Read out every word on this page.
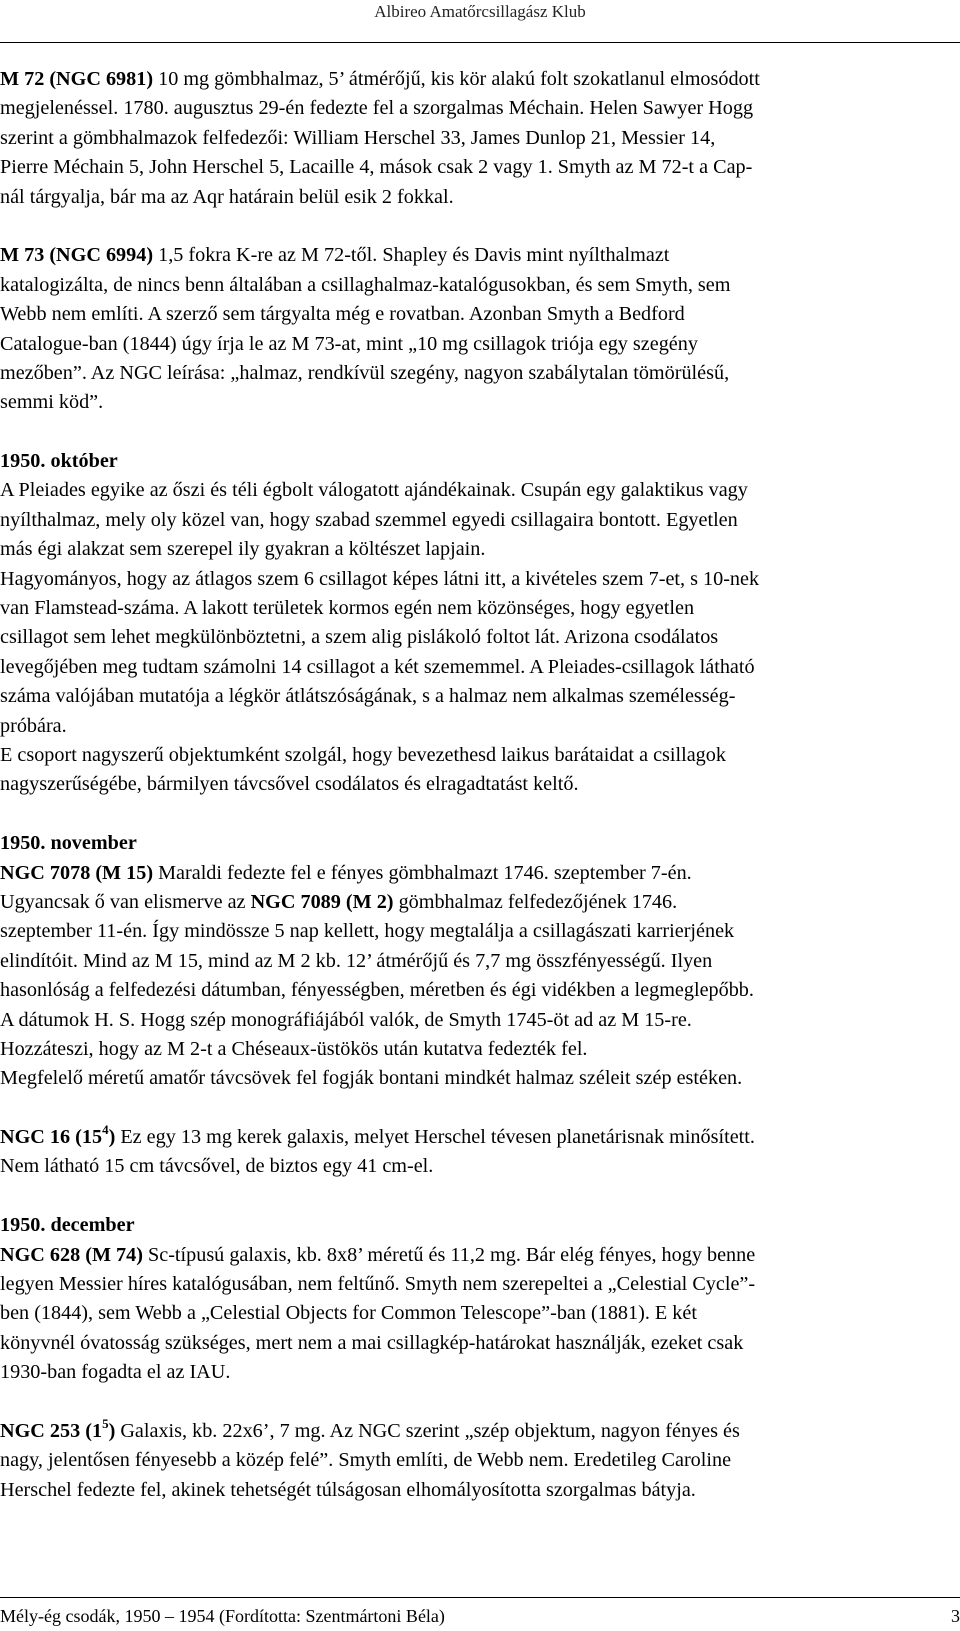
Albireo Amatőrcsillagász Klub
M 72 (NGC 6981) 10 mg gömbhalmaz, 5’ átmérőjű, kis kör alakú folt szokatlanul elmosódott
megjelenéssel. 1780. augusztus 29-én fedezte fel a szorgalmas Méchain. Helen Sawyer Hogg
szerint a gömbhalmazok felfedezői: William Herschel 33, James Dunlop 21, Messier 14,
Pierre Méchain 5, John Herschel 5, Lacaille 4, mások csak 2 vagy 1. Smyth az M 72-t a Cap-
nál tárgyalja, bár ma az Aqr határain belül esik 2 fokkal.
M 73 (NGC 6994) 1,5 fokra K-re az M 72-től. Shapley és Davis mint nyílthalmazt
katalogizálta, de nincs benn általában a csillaghalmaz-katalógusokban, és sem Smyth, sem
Webb nem említi. A szerző sem tárgyalta még e rovatban. Azonban Smyth a Bedford
Catalogue-ban (1844) úgy írja le az M 73-at, mint „10 mg csillagok triója egy szegény
mezőben”. Az NGC leírása: „halmaz, rendkívül szegény, nagyon szabálytalan tömörülésű,
semmi köd”.
1950. október
A Pleiades egyike az őszi és téli égbolt válogatott ajándékainak. Csupán egy galaktikus vagy
nyílthalmaz, mely oly közel van, hogy szabad szemmel egyedi csillagaira bontott. Egyetlen
más égi alakzat sem szerepel ily gyakran a költészet lapjain.
Hagyományos, hogy az átlagos szem 6 csillagot képes látni itt, a kivételes szem 7-et, s 10-nek
van Flamstead-száma. A lakott területek kormos egén nem közönséges, hogy egyetlen
csillagot sem lehet megkülönböztetni, a szem alig pislákoló foltot lát. Arizona csodálatos
levegőjében meg tudtam számolni 14 csillagot a két szememmel. A Pleiades-csillagok látható
száma valójában mutatója a légkör átlátszóságának, s a halmaz nem alkalmas személesség-
próbára.
E csoport nagyszerű objektumként szolgál, hogy bevezethesd laikus barátaidat a csillagok
nagyszerűségébe, bármilyen távcsővel csodálatos és elragadtatást keltő.
1950. november
NGC 7078 (M 15) Maraldi fedezte fel e fényes gömbhalmazt 1746. szeptember 7-én.
Ugyancsak ő van elismerve az NGC 7089 (M 2) gömbhalmaz felfedezőjének 1746.
szeptember 11-én. Így mindössze 5 nap kellett, hogy megtalálja a csillagászati karrierjének
elindítóit. Mind az M 15, mind az M 2 kb. 12’ átmérőjű és 7,7 mg összfényességű. Ilyen
hasonlóság a felfedezési dátumban, fényességben, méretben és égi vidékben a legmeglepőbb.
A dátumok H. S. Hogg szép monográfiájából valók, de Smyth 1745-öt ad az M 15-re.
Hozzáteszi, hogy az M 2-t a Chéseaux-üstökös után kutatva fedezték fel.
Megfelelő méretű amatőr távcsövek fel fogják bontani mindkét halmaz széleit szép estéken.
NGC 16 $(15^4)$ Ez egy 13 mg kerek galaxis, melyet Herschel tévesen planetárisnak minősített.
Nem látható 15 cm távcsővel, de biztos egy 41 cm-el.
1950. december
NGC 628 (M 74) Sc-típusú galaxis, kb. 8x8’ méretű és 11,2 mg. Bár elég fényes, hogy benne
legyen Messier híres katalógusában, nem feltűnő. Smyth nem szerepeltei a „Celestial Cycle”-
ben (1844), sem Webb a „Celestial Objects for Common Telescope”-ban (1881). E két
könyvnél óvatosság szükséges, mert nem a mai csillagkép-határokat használják, ezeket csak
1930-ban fogadta el az IAU.
NGC 253 $(1^5)$ Galaxis, kb. 22x6’, 7 mg. Az NGC szerint „szép objektum, nagyon fényes és
nagy, jelentősen fényesebb a közép felé”. Smyth említi, de Webb nem. Eredetileg Caroline
Herschel fedezte fel, akinek tehetségét túlságosan elhomályosította szorgalmas bátyja.
Mély-ég csodák, 1950 – 1954 (Fordította: Szentmártoni Béla)	3
